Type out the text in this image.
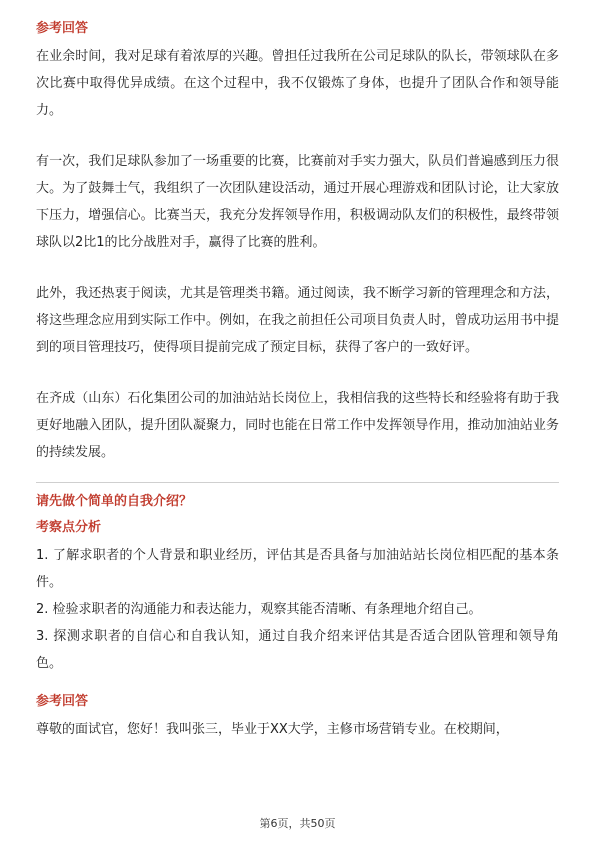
参考回答

在业余时间，我对足球有着浓厚的兴趣。曾担任过我所在公司足球队的队长，带领球队在多次比赛中取得优异成绩。在这个过程中，我不仅锻炼了身体，也提升了团队合作和领导能力。

有一次，我们足球队参加了一场重要的比赛，比赛前对手实力强大，队员们普遍感到压力很大。为了鼓舞士气，我组织了一次团队建设活动，通过开展心理游戏和团队讨论，让大家放下压力，增强信心。比赛当天，我充分发挥领导作用，积极调动队友们的积极性，最终带领球队以2比1的比分战胜对手，赢得了比赛的胜利。

此外，我还热衷于阅读，尤其是管理类书籍。通过阅读，我不断学习新的管理理念和方法，将这些理念应用到实际工作中。例如，在我之前担任公司项目负责人时，曾成功运用书中提到的项目管理技巧，使得项目提前完成了预定目标，获得了客户的一致好评。

在齐成（山东）石化集团公司的加油站站长岗位上，我相信我的这些特长和经验将有助于我更好地融入团队，提升团队凝聚力，同时也能在日常工作中发挥领导作用，推动加油站业务的持续发展。

请先做个简单的自我介绍？
考察点分析

1. 了解求职者的个人背景和职业经历，评估其是否具备与加油站站长岗位相匹配的基本条件。

2. 检验求职者的沟通能力和表达能力，观察其能否清晰、有条理地介绍自己。

3. 探测求职者的自信心和自我认知，通过自我介绍来评估其是否适合团队管理和领导角色。

参考回答

尊敬的面试官，您好！我叫张三，毕业于XX大学，主修市场营销专业。在校期间，

第6页，共50页
